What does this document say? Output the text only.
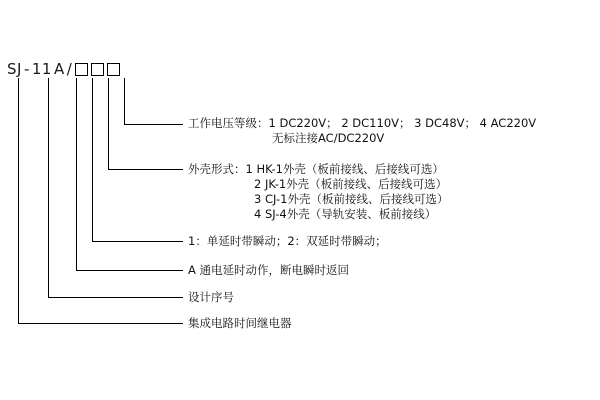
SJ - 11 A /
工作电压等级：1 DC220V； 2 DC110V； 3 DC48V； 4 AC220V
无标注接AC/DC220V
外壳形式：1 HK-1外壳（板前接线、后接线可选）
2 JK-1外壳（板前接线、后接线可选）
3 CJ-1外壳（板前接线、后接线可选）
4 SJ-4外壳（导轨安装、板前接线）
1：单延时带瞬动；2：双延时带瞬动；
A 通电延时动作，断电瞬时返回
设计序号
集成电路时间继电器
